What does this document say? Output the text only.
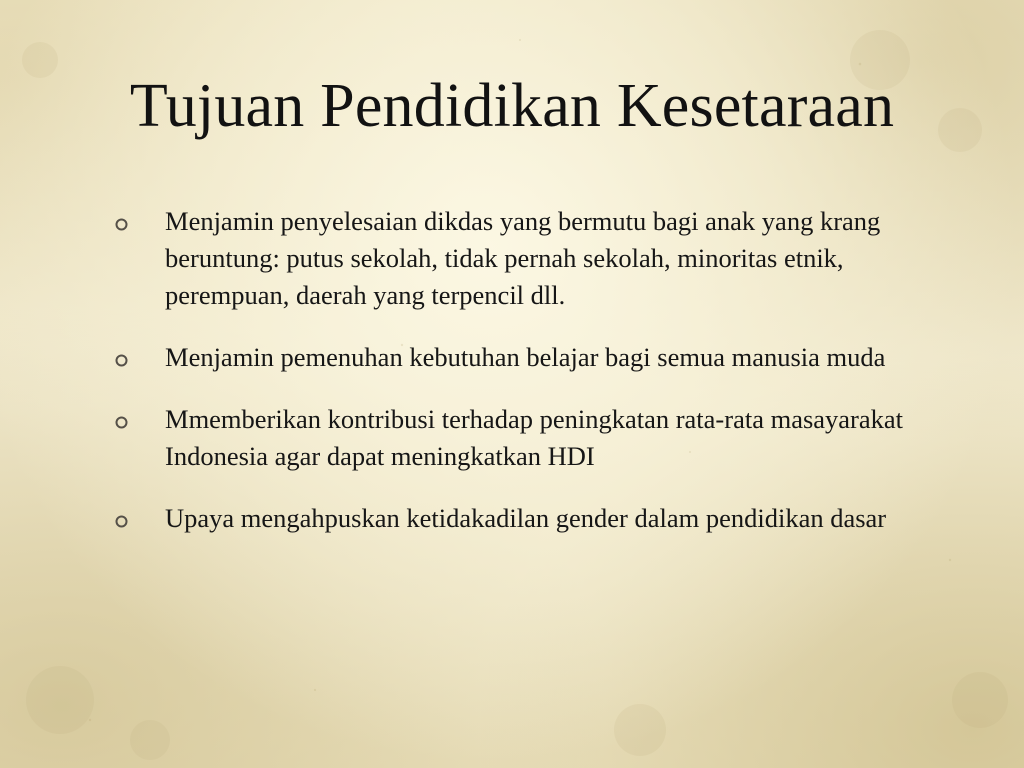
Tujuan Pendidikan Kesetaraan
Menjamin penyelesaian dikdas yang bermutu bagi anak yang krang beruntung: putus sekolah, tidak pernah sekolah, minoritas etnik, perempuan, daerah yang terpencil dll.
Menjamin pemenuhan kebutuhan belajar bagi semua manusia muda
Mmemberikan kontribusi terhadap peningkatan rata-rata masayarakat Indonesia agar dapat meningkatkan HDI
Upaya mengahpuskan ketidakadilan gender dalam pendidikan dasar
